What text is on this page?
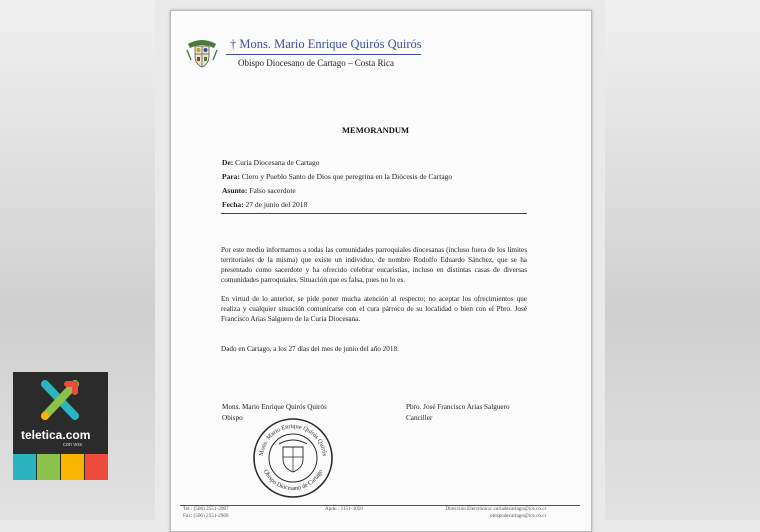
† Mons. Mario Enrique Quirós Quirós
Obispo Diocesano de Cartago – Costa Rica
MEMORANDUM
De: Curia Diocesana de Cartago
Para: Clero y Pueblo Santo de Dios que peregrina en la Diócesis de Cartago
Asunto: Falso sacerdote
Fecha: 27 de junio del 2018
Por este medio informamos a todas las comunidades parroquiales diocesanas (incluso fuera de los límites territoriales de la misma) que existe un individuo, de nombre Rodolfo Eduardo Sánchez, que se ha presentado como sacerdote y ha ofrecido celebrar eucaristías, incluso en distintas casas de diversas comunidades parroquiales. Situación que es falsa, pues no lo es.
En virtud de lo anterior, se pide poner mucha atención al respecto; no aceptar los ofrecimientos que realiza y cualquier situación comunicarse con el cura párroco de su localidad o bien con el Pbro. José Francisco Arias Salguero de la Curia Diocesana.
Dado en Cartago, a los 27 días del mes de junio del año 2018.
Mons. Mario Enrique Quirós Quirós
Obispo
Pbro. José Francisco Arias Salguero
Canciller
Mons. Mario Enrique Quirós Quirós
Obispo Diocesano de Cartago
Tel.: (506) 2551-2987
Fax: (506) 2551-2969
Apdo.: 1151-3050	Dirección Electrónica: curiadecartago@ice.co.cr
obispodecartago@ice.co.cr
teletica.com
con vos
